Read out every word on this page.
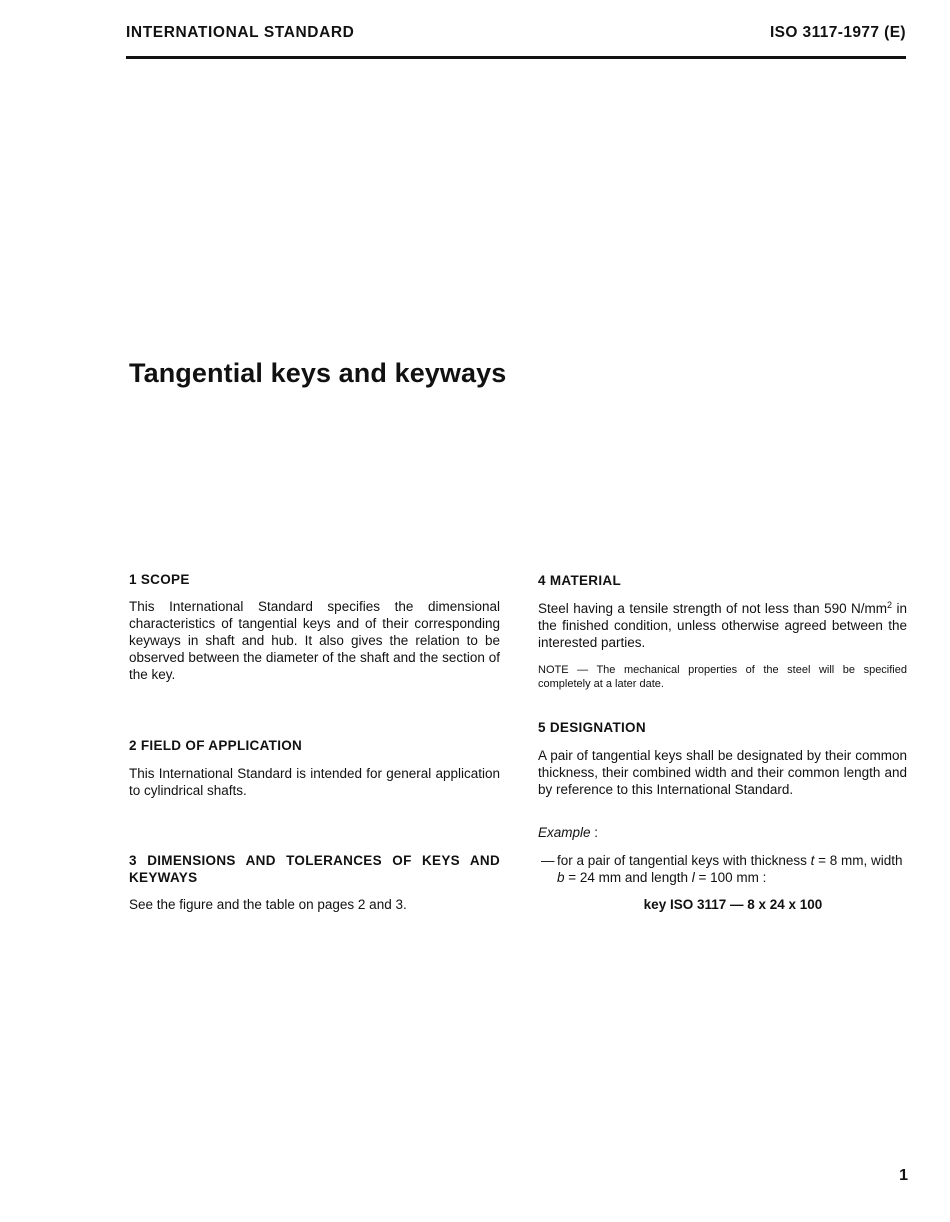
INTERNATIONAL STANDARD	ISO 3117-1977 (E)
Tangential keys and keyways
1 SCOPE

This International Standard specifies the dimensional characteristics of tangential keys and of their corresponding keyways in shaft and hub. It also gives the relation to be observed between the diameter of the shaft and the section of the key.

2 FIELD OF APPLICATION

This International Standard is intended for general application to cylindrical shafts.

3 DIMENSIONS AND TOLERANCES OF KEYS AND KEYWAYS

See the figure and the table on pages 2 and 3.

4 MATERIAL

Steel having a tensile strength of not less than 590 $N/mm^2$ in the finished condition, unless otherwise agreed between the interested parties.

NOTE — The mechanical properties of the steel will be specified completely at a later date.

5 DESIGNATION

A pair of tangential keys shall be designated by their common thickness, their combined width and their common length and by reference to this International Standard.

Example :

— for a pair of tangential keys with thickness t = 8 mm, width b = 24 mm and length l = 100 mm :

key ISO 3117 — 8 x 24 x 100
1
